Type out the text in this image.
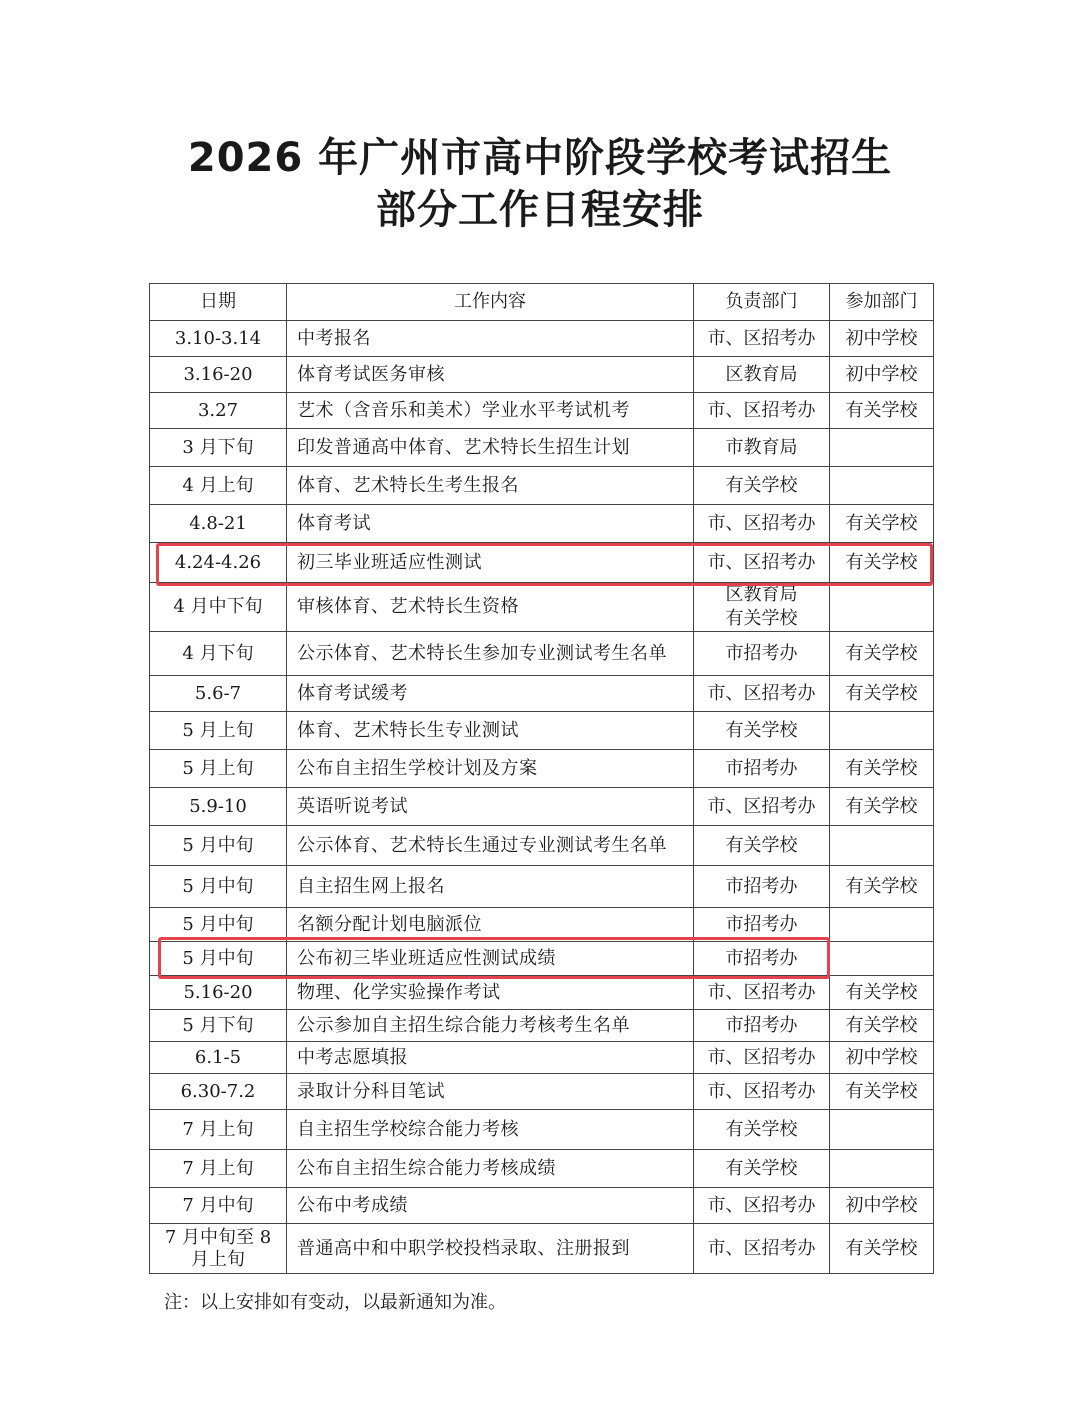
2026 年广州市高中阶段学校考试招生
部分工作日程安排
日期	工作内容	负责部门	参加部门
3.10-3.14	中考报名	市、区招考办	初中学校
3.16-20	体育考试医务审核	区教育局	初中学校
3.27	艺术（含音乐和美术）学业水平考试机考	市、区招考办	有关学校
3 月下旬	印发普通高中体育、艺术特长生招生计划	市教育局	

4 月上旬	体育、艺术特长生考生报名	有关学校	

4.8-21	体育考试	市、区招考办	有关学校
4.24-4.26	初三毕业班适应性测试	市、区招考办	有关学校
4 月中下旬	审核体育、艺术特长生资格	区教育局
有关学校	

4 月下旬	公示体育、艺术特长生参加专业测试考生名单	市招考办	有关学校
5.6-7	体育考试缓考	市、区招考办	有关学校
5 月上旬	体育、艺术特长生专业测试	有关学校	

5 月上旬	公布自主招生学校计划及方案	市招考办	有关学校
5.9-10	英语听说考试	市、区招考办	有关学校
5 月中旬	公示体育、艺术特长生通过专业测试考生名单	有关学校	

5 月中旬	自主招生网上报名	市招考办	有关学校
5 月中旬	名额分配计划电脑派位	市招考办	

5 月中旬	公布初三毕业班适应性测试成绩	市招考办	

5.16-20	物理、化学实验操作考试	市、区招考办	有关学校
5 月下旬	公示参加自主招生综合能力考核考生名单	市招考办	有关学校
6.1-5	中考志愿填报	市、区招考办	初中学校
6.30-7.2	录取计分科目笔试	市、区招考办	有关学校
7 月上旬	自主招生学校综合能力考核	有关学校	

7 月上旬	公布自主招生综合能力考核成绩	有关学校	

7 月中旬	公布中考成绩	市、区招考办	初中学校
7 月中旬至 8 月上旬	普通高中和中职学校投档录取、注册报到	市、区招考办	有关学校
注：以上安排如有变动，以最新通知为准。
